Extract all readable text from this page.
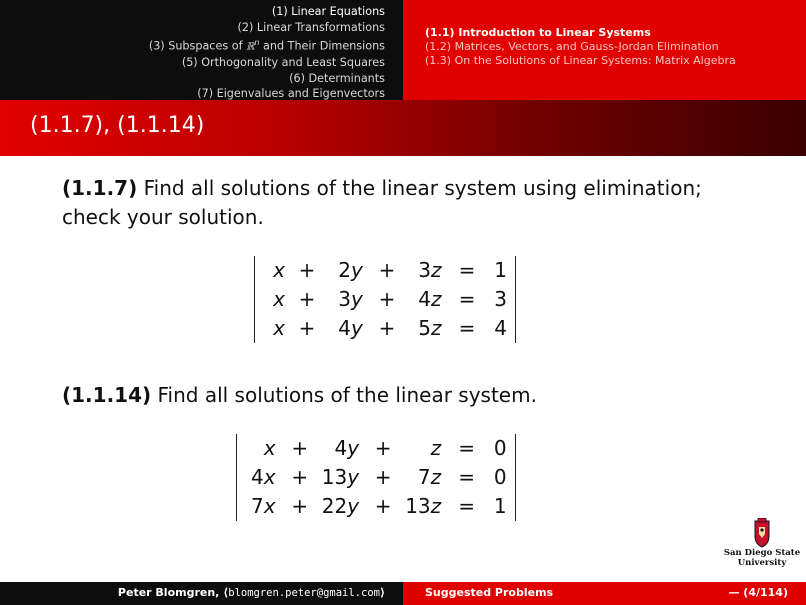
(1) Linear Equations
(2) Linear Transformations
(3) Subspaces of ℝ$^n$ and Their Dimensions
(5) Orthogonality and Least Squares
(6) Determinants
(7) Eigenvalues and Eigenvectors
(1.1) Introduction to Linear Systems
(1.2) Matrices, Vectors, and Gauss-Jordan Elimination
(1.3) On the Solutions of Linear Systems: Matrix Algebra
(1.1.7), (1.1.14)
(1.1.7) Find all solutions of the linear system using elimination; check your solution.
x	+	2	y	+	3	z	=	1
x	+	3	y	+	4	z	=	3
x	+	4	y	+	5	z	=	4
(1.1.14) Find all solutions of the linear system.
	x	+	4	y	+		z	=	0
4	x	+	13	y	+	7	z	=	0
7	x	+	22	y	+	13	z	=	1
San Diego State
University
Peter Blomgren, ⟨blomgren.peter@gmail.com⟩	Suggested Problems	— (4/114)
